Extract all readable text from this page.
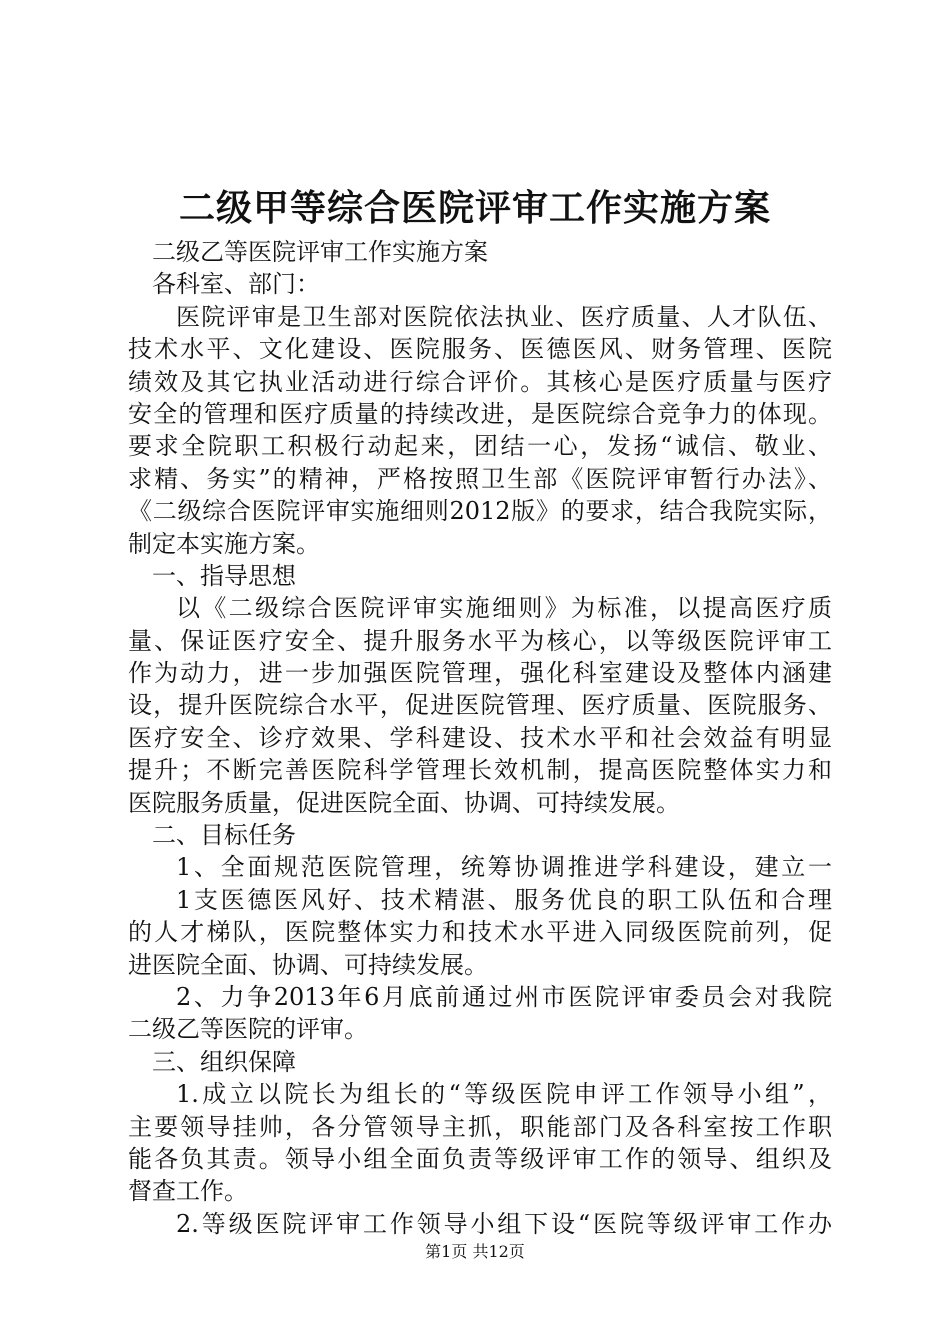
二级甲等综合医院评审工作实施方案
二级乙等医院评审工作实施方案
各科室、部门：
医院评审是卫生部对医院依法执业、医疗质量、人才队伍、
技术水平、文化建设、医院服务、医德医风、财务管理、医院
绩效及其它执业活动进行综合评价。其核心是医疗质量与医疗
安全的管理和医疗质量的持续改进，是医院综合竞争力的体现。
要求全院职工积极行动起来，团结一心，发扬“诚信、敬业、
求精、务实”的精神，严格按照卫生部《医院评审暂行办法》、
《二级综合医院评审实施细则2012版》的要求，结合我院实际，
制定本实施方案。
一、指导思想
以《二级综合医院评审实施细则》为标准，以提高医疗质
量、保证医疗安全、提升服务水平为核心，以等级医院评审工
作为动力，进一步加强医院管理，强化科室建设及整体内涵建
设，提升医院综合水平，促进医院管理、医疗质量、医院服务、
医疗安全、诊疗效果、学科建设、技术水平和社会效益有明显
提升；不断完善医院科学管理长效机制，提高医院整体实力和
医院服务质量，促进医院全面、协调、可持续发展。
二、目标任务
1、全面规范医院管理，统筹协调推进学科建设，建立一
1支医德医风好、技术精湛、服务优良的职工队伍和合理
的人才梯队，医院整体实力和技术水平进入同级医院前列，促
进医院全面、协调、可持续发展。
2、力争2013年6月底前通过州市医院评审委员会对我院
二级乙等医院的评审。
三、组织保障
1.成立以院长为组长的“等级医院申评工作领导小组”，
主要领导挂帅，各分管领导主抓，职能部门及各科室按工作职
能各负其责。领导小组全面负责等级评审工作的领导、组织及
督查工作。
2.等级医院评审工作领导小组下设“医院等级评审工作办
第1页 共12页
